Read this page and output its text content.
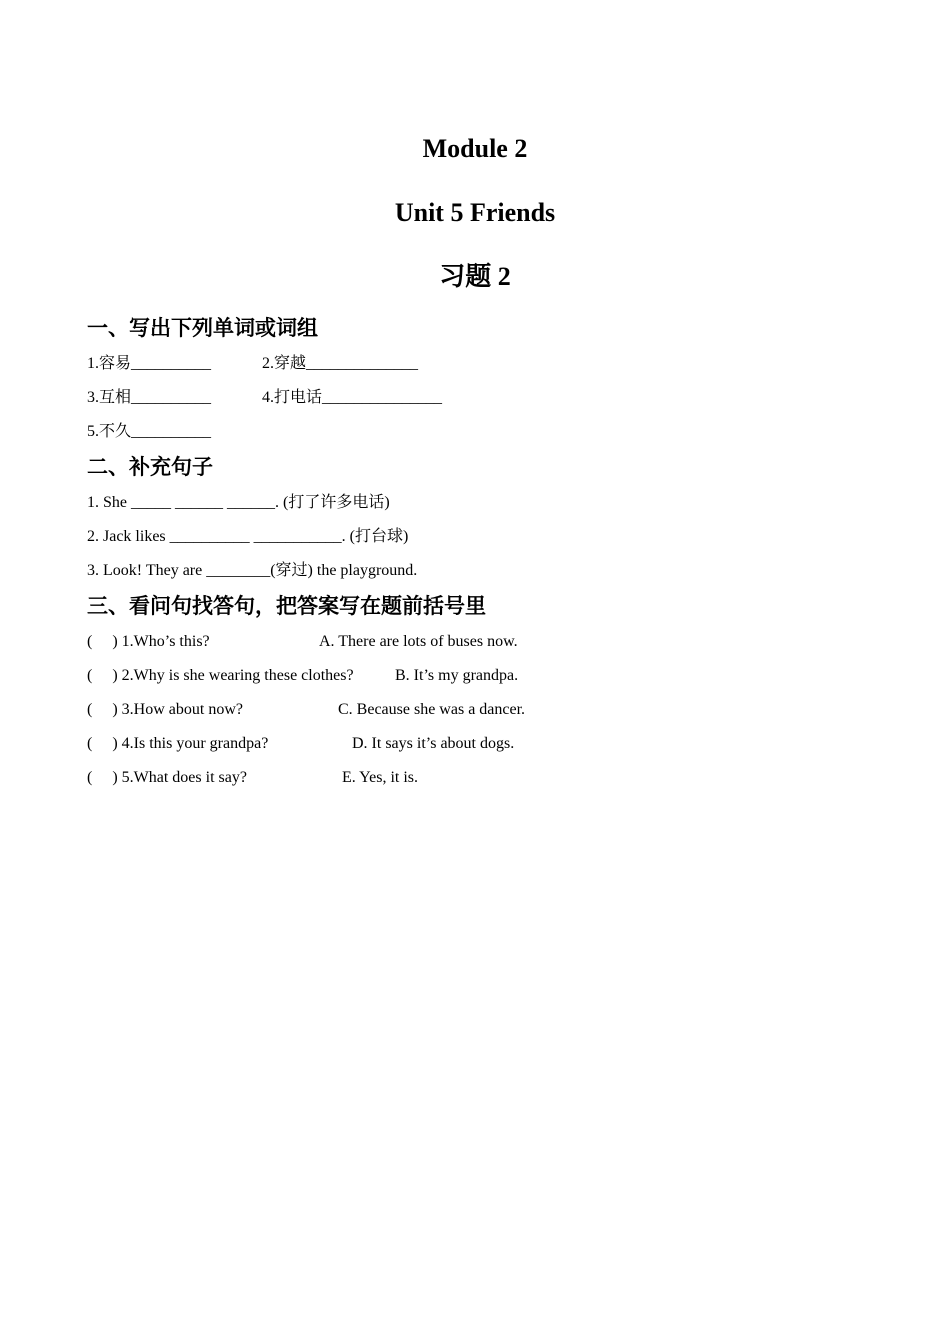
Module 2
Unit 5 Friends
习题 2
一、写出下列单词或词组
1.容易__________	2.穿越______________
3.互相__________	4.打电话_______________
5.不久__________
二、补充句子
1. She _____ ______ ______. (打了许多电话)
2. Jack likes __________ ___________. (打台球)
3. Look! They are ________(穿过) the playground.
三、看问句找答句，把答案写在题前括号里
(     ) 1.Who’s this?	A. There are lots of buses now.
(     ) 2.Why is she wearing these clothes?	B. It’s my grandpa.
(     ) 3.How about now?	C. Because she was a dancer.
(     ) 4.Is this your grandpa?	D. It says it’s about dogs.
(     ) 5.What does it say?	E. Yes, it is.
